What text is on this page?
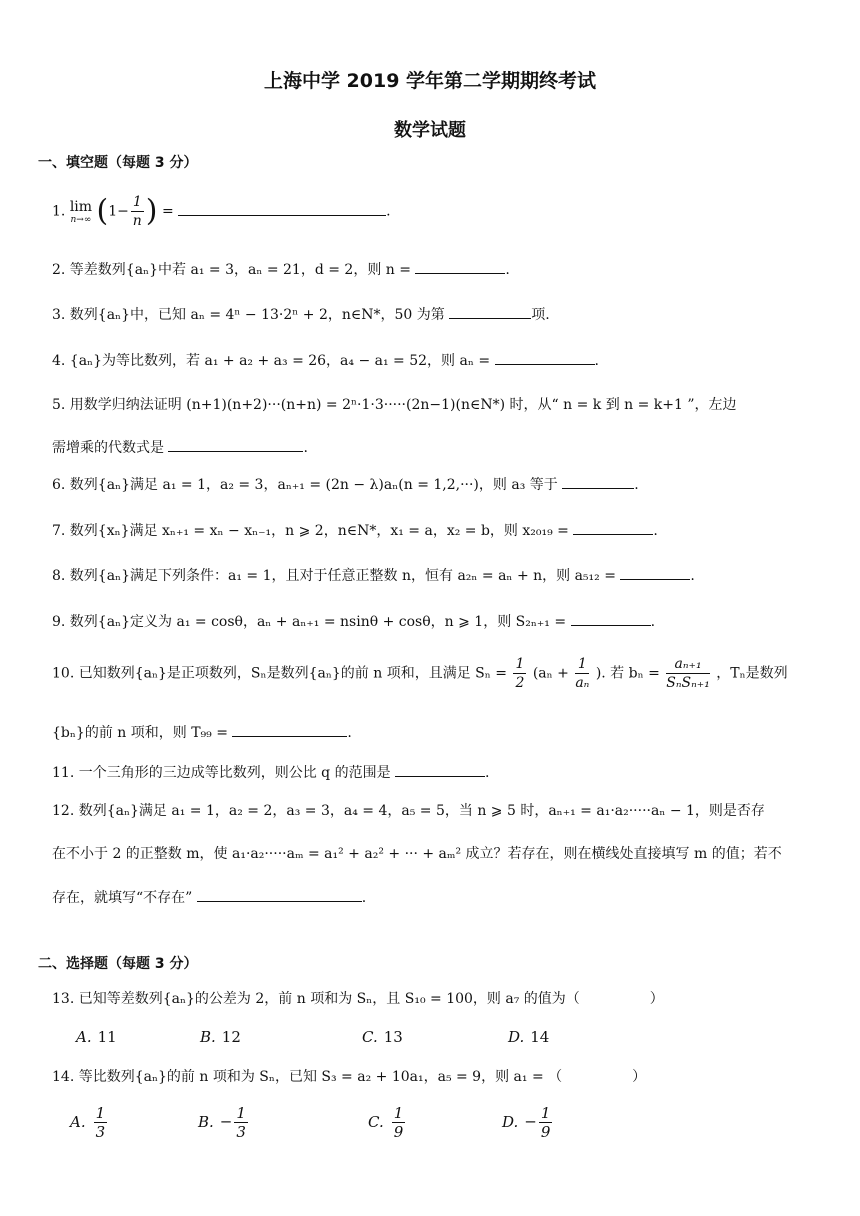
上海中学 2019 学年第二学期期终考试
数学试题
一、填空题（每题 3 分）
1. lim
n→∞ ($1- \frac{1}{n}$ ) =	.
2. 等差数列{aₙ}中若 a₁ = 3，aₙ = 21，d = 2，则 n =	.
3. 数列{aₙ}中，已知 aₙ = 4ⁿ − 13·2ⁿ + 2，n∈N*，50 为第	项.
4. {aₙ}为等比数列，若 a₁ + a₂ + a₃ = 26，a₄ − a₁ = 52，则 aₙ =	.
5. 用数学归纳法证明 (n+1)(n+2)···(n+n) = 2ⁿ·1·3·····(2n−1)(n∈N*) 时，从“ n = k 到 n = k+1 ”，左边
需增乘的代数式是	.
6. 数列{aₙ}满足 a₁ = 1，a₂ = 3，aₙ₊₁ = (2n − λ)aₙ(n = 1,2,···)，则 a₃ 等于	.
7. 数列{xₙ}满足 xₙ₊₁ = xₙ − xₙ₋₁，n ⩾ 2，n∈N*，x₁ = a，x₂ = b，则 x₂₀₁₉ =	.
8. 数列{aₙ}满足下列条件：a₁ = 1，且对于任意正整数 n，恒有 a₂ₙ = aₙ + n，则 a₅₁₂ =	.
9. 数列{aₙ}定义为 a₁ = cosθ，aₙ + aₙ₊₁ = nsinθ + cosθ，n ⩾ 1，则 S₂ₙ₊₁ =	.
10. 已知数列{aₙ}是正项数列，Sₙ是数列{aₙ}的前 n 项和，且满足 $S_n = \frac{1}{2} (a_n + \frac{1}{\text{aₙ}}$ ). 若 $b_n = \frac{\text{aₙ₊₁}}{\text{SₙSₙ₊₁}}$ ，Tₙ是数列
{bₙ}的前 n 项和，则 T₉₉ =	.
11. 一个三角形的三边成等比数列，则公比 q 的范围是	.
12. 数列{aₙ}满足 a₁ = 1，a₂ = 2，a₃ = 3，a₄ = 4，a₅ = 5，当 n ⩾ 5 时，aₙ₊₁ = a₁·a₂·····aₙ − 1，则是否存
在不小于 2 的正整数 m，使 a₁·a₂·····aₘ = a₁² + a₂² + ··· + aₘ² 成立？若存在，则在横线处直接填写 m 的值；若不
存在，就填写“不存在”	.
二、选择题（每题 3 分）
13. 已知等差数列{aₙ}的公差为 2，前 n 项和为 Sₙ，且 S₁₀ = 100，则 a₇ 的值为（	）
A. 11	B. 12	C. 13	D. 14
14. 等比数列{aₙ}的前 n 项和为 Sₙ，已知 S₃ = a₂ + 10a₁，a₅ = 9，则 a₁ = （	）
A. $\frac{1}{3}$	B. − $\frac{1}{3}$	C. $\frac{1}{9}$	D. − $\frac{1}{9}$
